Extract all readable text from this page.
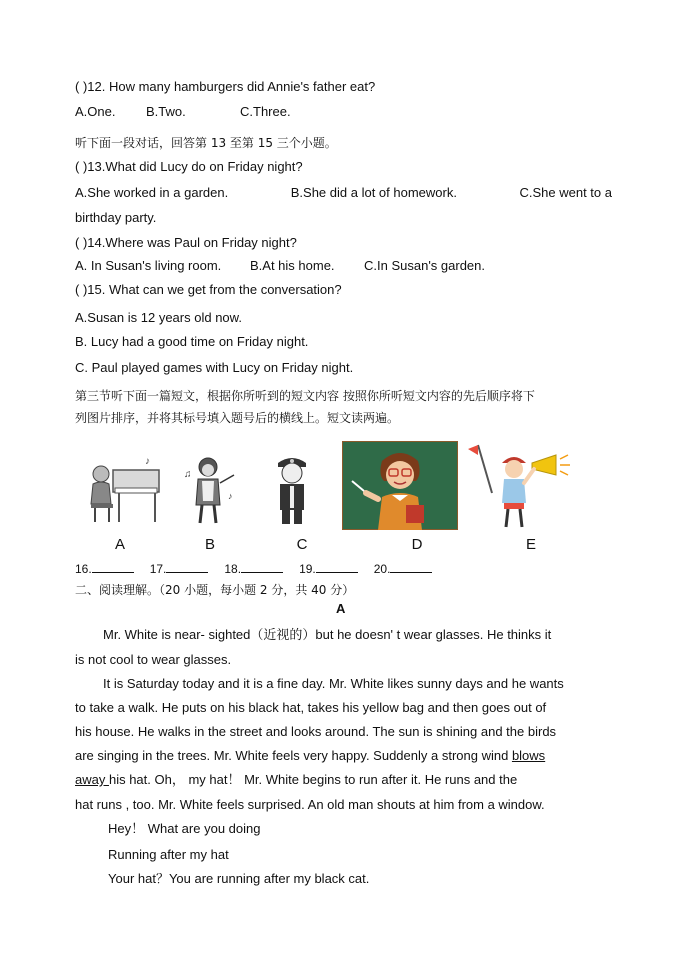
( )12. How many hamburgers did Annie's father eat?
A.One. B.Two.	C.Three.
听下面一段对话，回答第 13 至第 15 三个小题。
( )13.What did Lucy do on Friday night?
A.She worked in a garden.	B.She did a lot of homework.	C.She went to a
birthday party.
( )14.Where was Paul on Friday night?
A. In Susan's living room. B.At his home. C.In Susan's garden.
( )15. What can we get from the conversation?
A.Susan is 12 years old now.
B. Lucy had a good time on Friday night.
C. Paul played games with Lucy on Friday night.
第三节听下面一篇短文，根据你所听到的短文内容 按照你所听短文内容的先后顺序将下
列图片排序，并将其标号填入题号后的横线上。短文读两遍。
♪
♫
♪
A	B	C	D	E
16.	17.	18.	19.	20.
二、阅读理解。（20 小题，每小题 2 分，共 40 分）
A
Mr. White is near- sighted（近视的）but he doesn' t wear glasses. He thinks it
is not cool to wear glasses.
It is Saturday today and it is a fine day. Mr. White likes sunny days and he wants
to take a walk. He puts on his black hat, takes his yellow bag and then goes out of
his house. He walks in the street and looks around. The sun is shining and the birds
are singing in the trees. Mr. White feels very happy. Suddenly a strong wind blows
away his hat. Oh， my hat！ Mr. White begins to run after it. He runs and the
hat runs , too. Mr. White feels surprised. An old man shouts at him from a window.
Hey！ What are you doing
Running after my hat
Your hat？You are running after my black cat.
